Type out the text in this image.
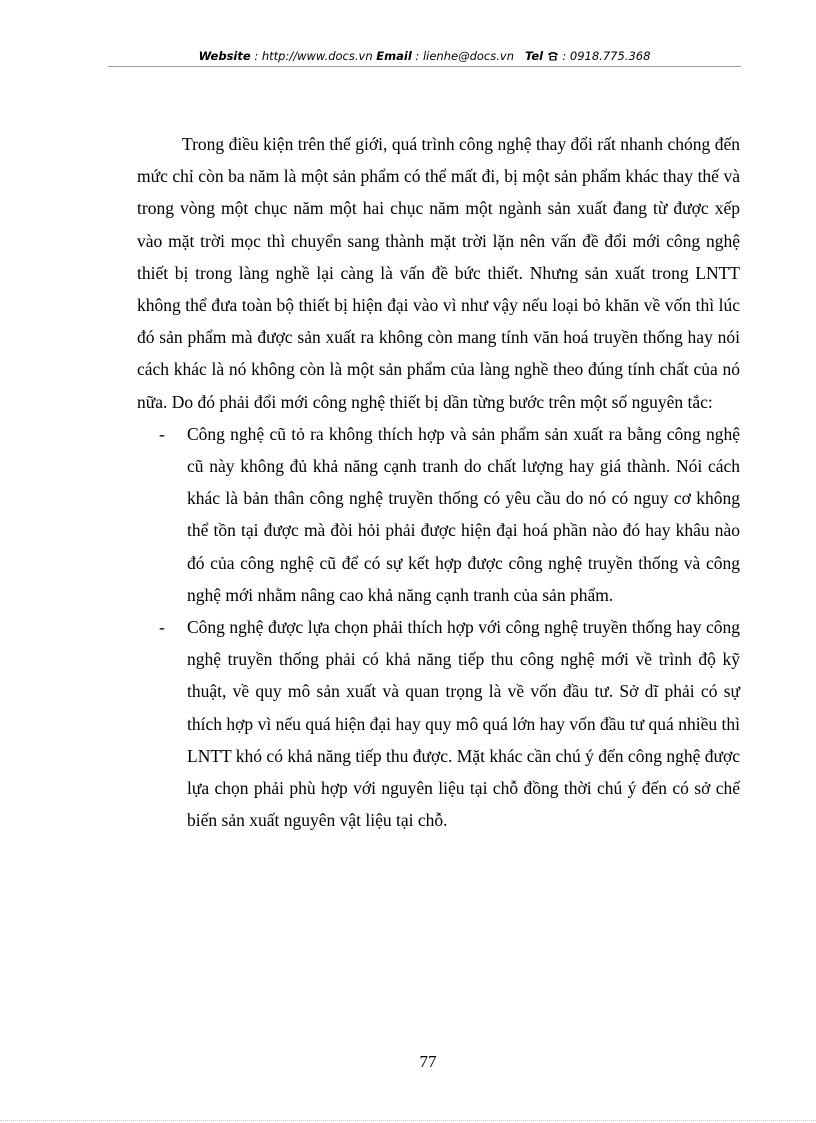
Website : http://www.docs.vn Email : lienhe@docs.vn Tel  : 0918.775.368

Trong điều kiện trên thế giới, quá trình công nghệ thay đổi rất nhanh chóng đến mức chỉ còn ba năm là một sản phẩm có thể mất đi, bị một sản phẩm khác thay thế và trong vòng một chục năm một hai chục năm một ngành sản xuất đang từ được xếp vào mặt trời mọc thì chuyển sang thành mặt trời lặn nên vấn đề đổi mới công nghệ thiết bị trong làng nghề lại càng là vấn đề bức thiết. Nhưng sản xuất trong LNTT không thể đưa toàn bộ thiết bị hiện đại vào vì như vậy nếu loại bỏ khăn về vốn thì lúc đó sản phẩm mà được sản xuất ra không còn mang tính văn hoá truyền thống hay nói cách khác là nó không còn là một sản phẩm của làng nghề theo đúng tính chất của nó nữa. Do đó phải đổi mới công nghệ thiết bị dần từng bước trên một số nguyên tắc:

- Công nghệ cũ tỏ ra không thích hợp và sản phẩm sản xuất ra bằng công nghệ cũ này không đủ khả năng cạnh tranh do chất lượng hay giá thành. Nói cách khác là bản thân công nghệ truyền thống có yêu cầu do nó có nguy cơ không thể tồn tại được mà đòi hỏi phải được hiện đại hoá phần nào đó hay khâu nào đó của công nghệ cũ để có sự kết hợp được công nghệ truyền thống và công nghệ mới nhằm nâng cao khả năng cạnh tranh của sản phẩm.

- Công nghệ được lựa chọn phải thích hợp với công nghệ truyền thống hay công nghệ truyền thống phải có khả năng tiếp thu công nghệ mới về trình độ kỹ thuật, về quy mô sản xuất và quan trọng là về vốn đầu tư. Sở dĩ phải có sự thích hợp vì nếu quá hiện đại hay quy mô quá lớn hay vốn đầu tư quá nhiều thì LNTT khó có khả năng tiếp thu được. Mặt khác cần chú ý đến công nghệ được lựa chọn phải phù hợp với nguyên liệu tại chỗ đồng thời chú ý đến có sở chế biến sản xuất nguyên vật liệu tại chỗ.

77
